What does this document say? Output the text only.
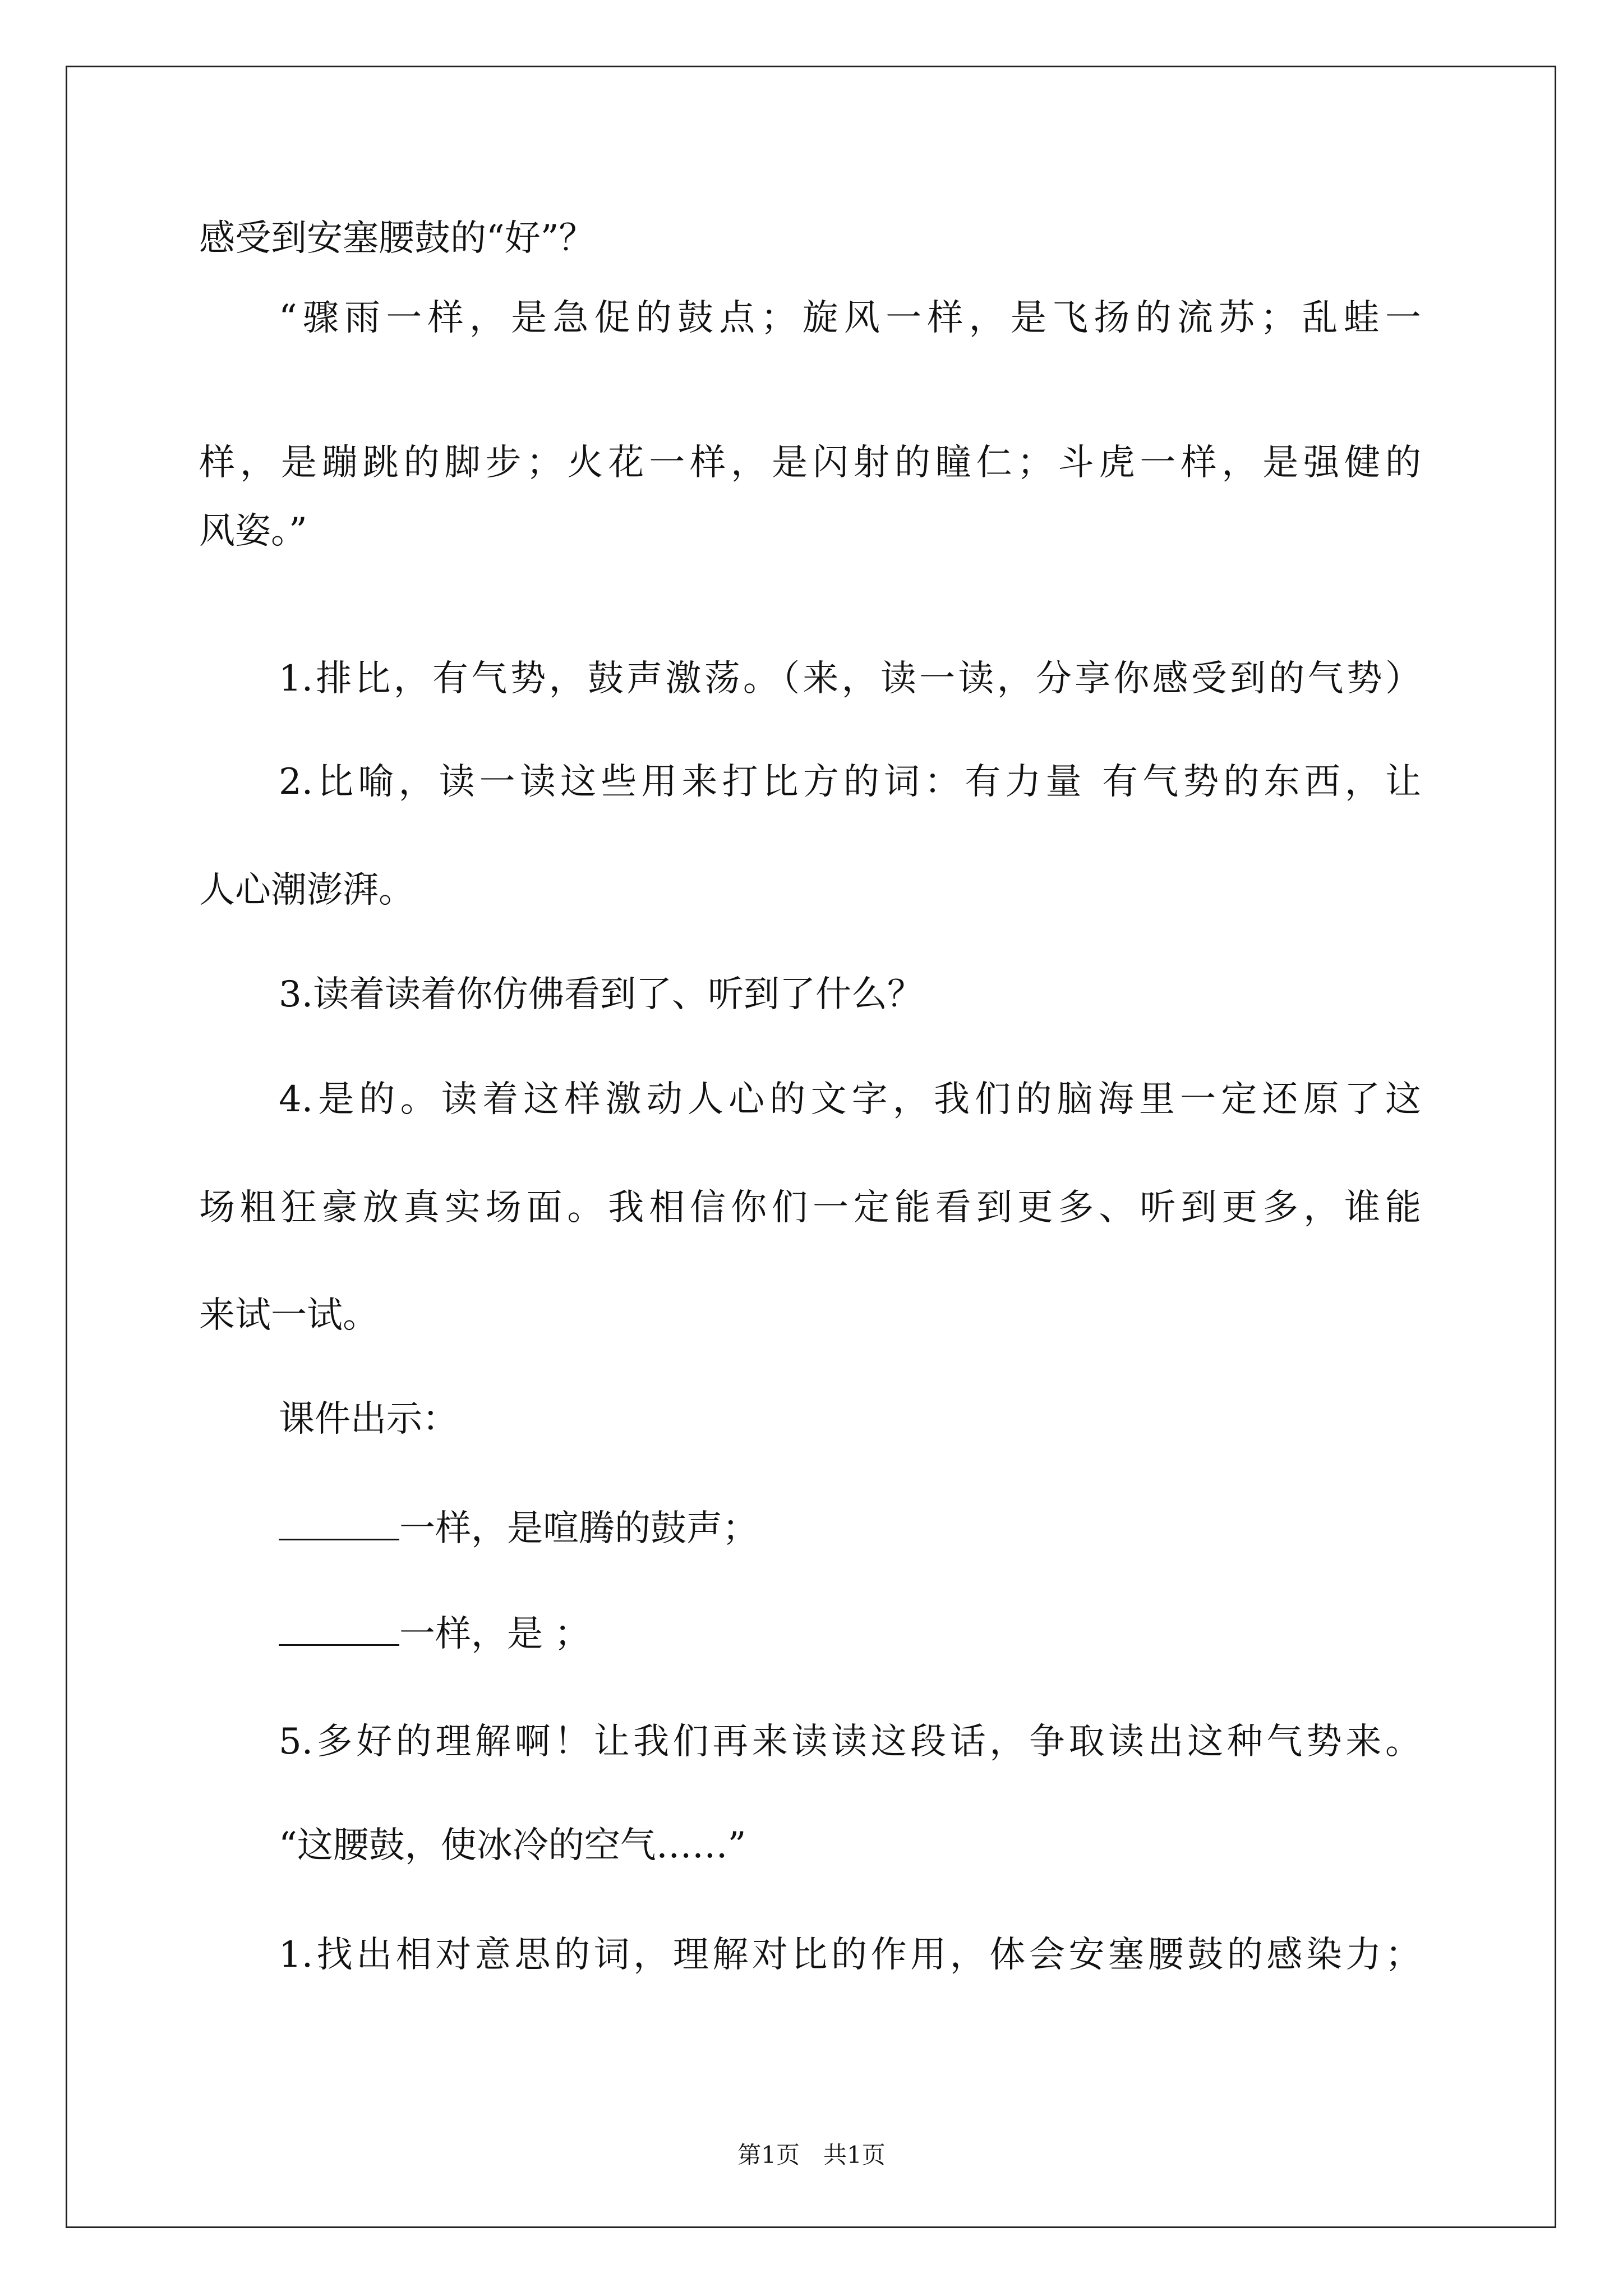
感受到安塞腰鼓的“好”？
“骤雨一样，是急促的鼓点；旋风一样，是飞扬的流苏；乱蛙一
样，是蹦跳的脚步；火花一样，是闪射的瞳仁；斗虎一样，是强健的
风姿。”
1.排比，有气势，鼓声激荡。（来，读一读，分享你感受到的气势）
2.比喻，读一读这些用来打比方的词：有力量 有气势的东西，让
人心潮澎湃。
3.读着读着你仿佛看到了、听到了什么？
4.是的。读着这样激动人心的文字，我们的脑海里一定还原了这
场粗狂豪放真实场面。我相信你们一定能看到更多、听到更多，谁能
来试一试。
课件出示：
一样，是喧腾的鼓声；
一样，是 ；
5.多好的理解啊！让我们再来读读这段话，争取读出这种气势来。
“这腰鼓，使冰冷的空气……”
1.找出相对意思的词，理解对比的作用，体会安塞腰鼓的感染力；
第1页　共1页
